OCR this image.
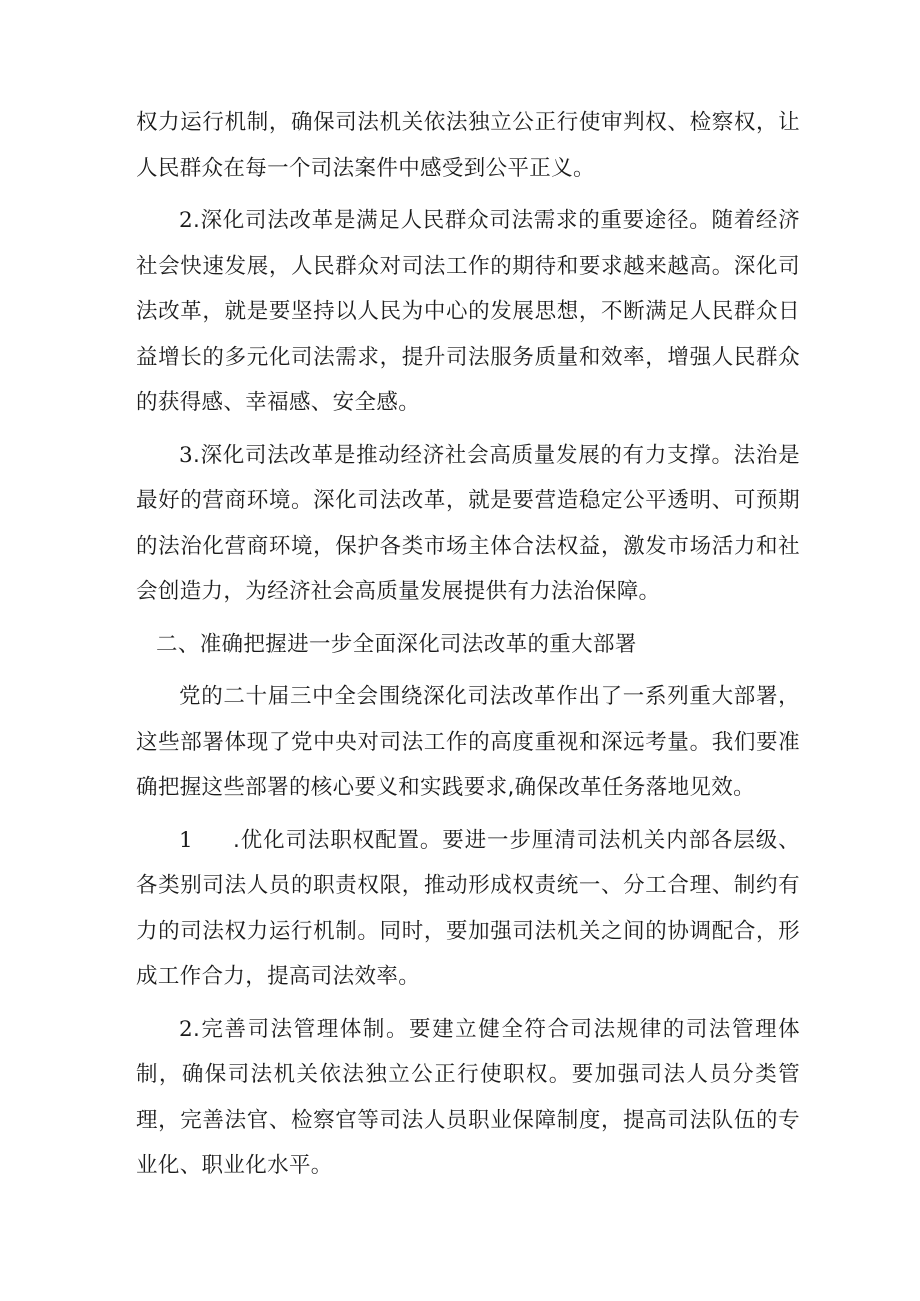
权力运行机制，确保司法机关依法独立公正行使审判权、检察权，让人民群众在每一个司法案件中感受到公平正义。

2.深化司法改革是满足人民群众司法需求的重要途径。随着经济社会快速发展，人民群众对司法工作的期待和要求越来越高。深化司法改革，就是要坚持以人民为中心的发展思想，不断满足人民群众日益增长的多元化司法需求，提升司法服务质量和效率，增强人民群众的获得感、幸福感、安全感。

3.深化司法改革是推动经济社会高质量发展的有力支撑。法治是最好的营商环境。深化司法改革，就是要营造稳定公平透明、可预期的法治化营商环境，保护各类市场主体合法权益，激发市场活力和社会创造力，为经济社会高质量发展提供有力法治保障。

二、准确把握进一步全面深化司法改革的重大部署

党的二十届三中全会围绕深化司法改革作出了一系列重大部署，这些部署体现了党中央对司法工作的高度重视和深远考量。我们要准确把握这些部署的核心要义和实践要求,确保改革任务落地见效。

1 .优化司法职权配置。要进一步厘清司法机关内部各层级、各类别司法人员的职责权限，推动形成权责统一、分工合理、制约有力的司法权力运行机制。同时，要加强司法机关之间的协调配合，形成工作合力，提高司法效率。

2.完善司法管理体制。要建立健全符合司法规律的司法管理体制，确保司法机关依法独立公正行使职权。要加强司法人员分类管理，完善法官、检察官等司法人员职业保障制度，提高司法队伍的专业化、职业化水平。
